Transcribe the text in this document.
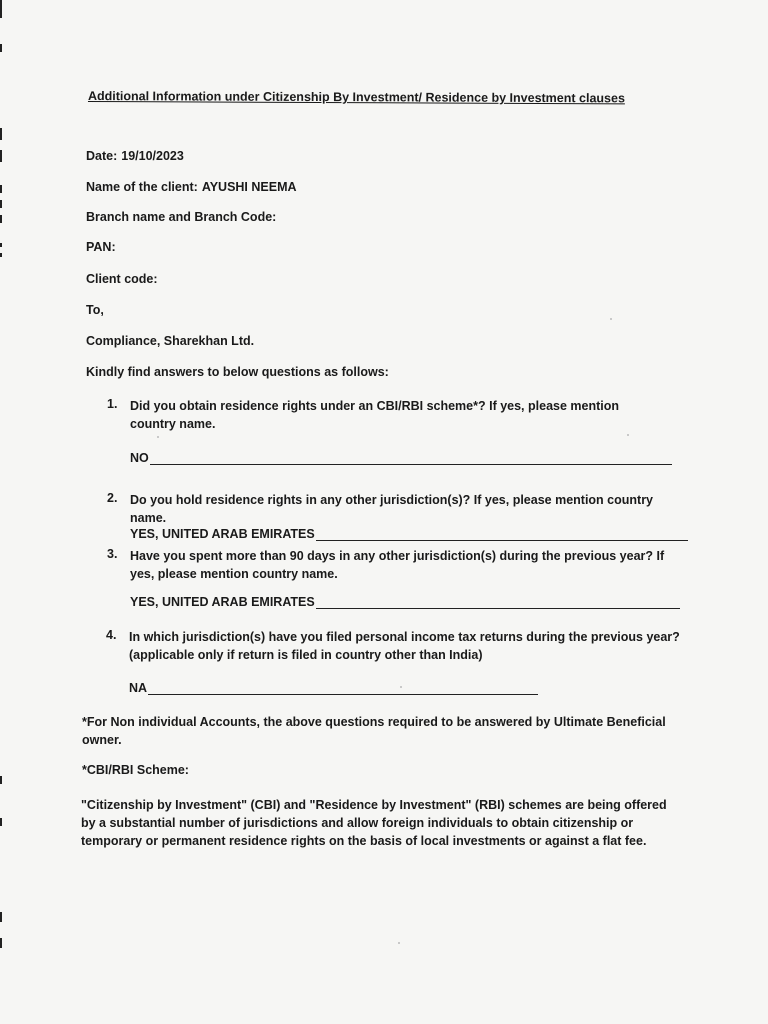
Additional Information under Citizenship By Investment/ Residence by Investment clauses
Date: 19/10/2023
Name of the client: AYUSHI NEEMA
Branch name and Branch Code:
PAN:
Client code:
To,
Compliance, Sharekhan Ltd.
Kindly find answers to below questions as follows:
1. Did you obtain residence rights under an CBI/RBI scheme*? If yes, please mention country name.
NO
2. Do you hold residence rights in any other jurisdiction(s)? If yes, please mention country name.
YES, UNITED ARAB EMIRATES
3. Have you spent more than 90 days in any other jurisdiction(s) during the previous year? If yes, please mention country name.
YES, UNITED ARAB EMIRATES
4. In which jurisdiction(s) have you filed personal income tax returns during the previous year? (applicable only if return is filed in country other than India)
NA
*For Non individual Accounts, the above questions required to be answered by Ultimate Beneficial owner.
*CBI/RBI Scheme:
"Citizenship by Investment" (CBI) and "Residence by Investment" (RBI) schemes are being offered by a substantial number of jurisdictions and allow foreign individuals to obtain citizenship or temporary or permanent residence rights on the basis of local investments or against a flat fee.
